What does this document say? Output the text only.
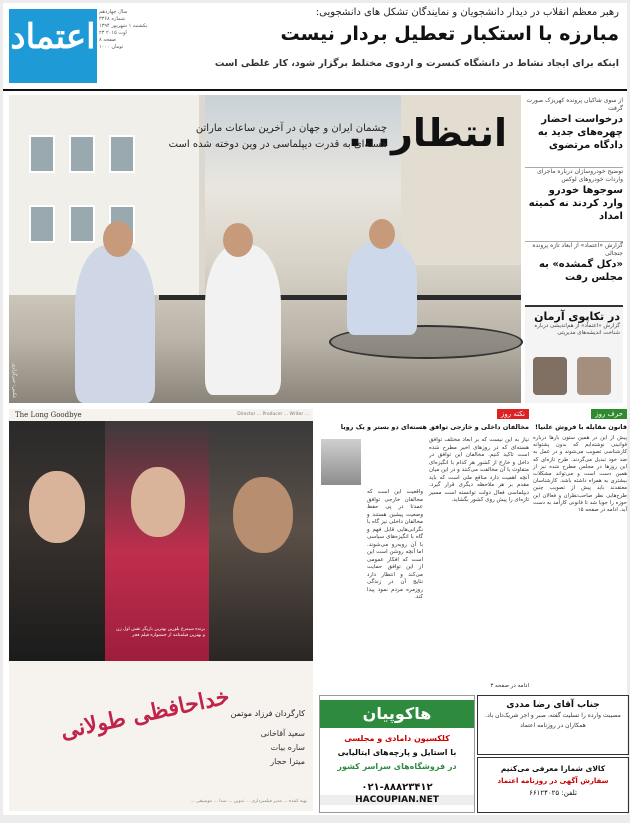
اعتماد
سال چهاردهم
شماره ۳۳۶۸
یکشنبه ۱ شهریور ۱۳۹۴
۲۳ اوت ۲۰۱۵
۸ صفحه
۱۰۰۰ تومان
رهبر معظم انقلاب در دیدار دانشجویان و نمایندگان تشکل های دانشجویی:
مبارزه با استکبار تعطیل بردار نیست
اینکه برای ایجاد نشاط در دانشگاه کنسرت و اردوی مختلط برگزار شود، کار غلطی است
انتظار...
چشمان ایران و جهان در آخرین ساعات ماراتن
هسته‌ای به قدرت دیپلماسی در وین دوخته شده است
عکس: خبرگزاری
از سوی شاکیان پرونده کهریزک صورت گرفت
درخواست احضار چهره‌های جدید به دادگاه مرتضوی
توضیح خودروسازان درباره ماجرای واردات خودروهای لوکس
سوجوها خودرو وارد کردند نه کمیته امداد
گزارش «اعتماد» از ابعاد تازه پرونده جنجالی
«دکل گمشده» به مجلس رفت
در تکاپوی آرمان
گزارش «اعتماد» از هم‌اندیشی درباره شناخت اندیشه‌های مدیریتی
The Long Goodbye	Director ... Producer ... Writer ...
برنده سیمرغ بلورین بهترین بازیگر نقش اول زن و بهترین فیلمنامه از جشنواره فیلم فجر
خداحافظی طولانی
کارگردان فرزاد موتمن
سعید آقاخانی
ساره بیات
میترا حجار
تهیه کننده ... مدیر فیلمبرداری ... تدوین ... صدا ... موسیقی ...
نکته روز
مخالفان داخلی و خارجی توافق هسته‌ای دو بستر و یک رویا
نیاز به این نیست که بر ابعاد مختلف توافق هسته‌ای که در روزهای اخیر مطرح شده است تاکید کنیم. مخالفان این توافق در داخل و خارج از کشور هر کدام با انگیزه‌ای متفاوت با آن مخالفت می‌کنند و در این میان آنچه اهمیت دارد منافع ملی است که باید مقدم بر هر ملاحظه دیگری قرار گیرد. دیپلماسی فعال دولت توانسته است مسیر تازه‌ای را پیش روی کشور بگشاید.
واقعیت این است که مخالفان خارجی توافق عمدتا در پی حفظ وضعیت پیشین هستند و مخالفان داخلی نیز گاه با نگرانی‌هایی قابل فهم و گاه با انگیزه‌های سیاسی با آن روبه‌رو می‌شوند. اما آنچه روشن است این است که افکار عمومی از این توافق حمایت می‌کند و انتظار دارد نتایج آن در زندگی روزمره مردم نمود پیدا کند.
ادامه در صفحه ۳
حرف روز
قانون مقابله با فروش علنیا!
پیش از این در همین ستون بارها درباره قوانینی نوشته‌ایم که بدون پشتوانه کارشناسی تصویب می‌شوند و در عمل به ضد خود تبدیل می‌گردند. طرح تازه‌ای که این روزها در مجلس مطرح شده نیز از همین دست است و می‌تواند مشکلات بیشتری به همراه داشته باشد. کارشناسان معتقدند باید پیش از تصویب چنین طرح‌هایی نظر صاحب‌نظران و فعالان این حوزه را جویا شد تا قانونی کارآمد به دست آید. ادامه در صفحه ۱۵
هاکوپیان
کلکسیون دامادی و مجلسی
با استایل و پارچه‌های ایتالیایی
در فروشگاه‌های سراسر کشور
۰۲۱-۸۸۸۲۳۴۱۲
HACOUPIAN.NET
جناب آقای رضا مددی
مصیبت وارده را تسلیت گفته، صبر و اجر شریک‌تان باد.
همکاران در روزنامه اعتماد
کالای شمارا معرفی می‌کنیم
سفارش آگهی در روزنامه اعتماد
تلفن: ۶۶۱۲۴۰۲۵
